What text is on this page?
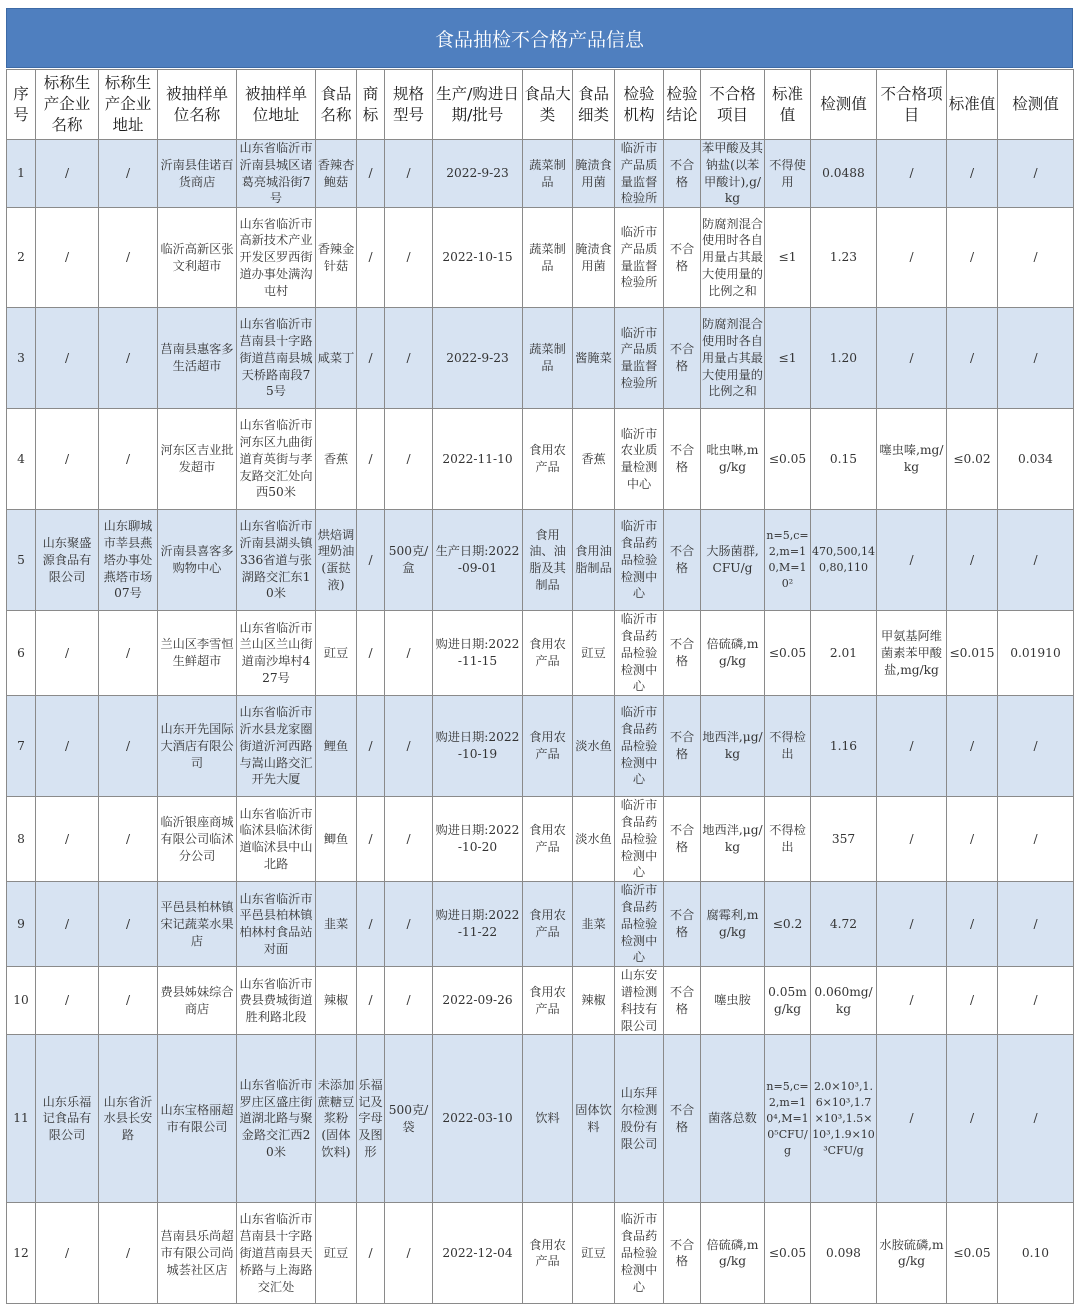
食品抽检不合格产品信息
序号	标称生产企业名称	标称生产企业地址	被抽样单位名称	被抽样单位地址	食品名称	商标	规格型号	生产/购进日期/批号	食品大类	食品细类	检验机构	检验结论	不合格项目	标准值	检测值	不合格项目	标准值	检测值
1	/	/	沂南县佳诺百货商店	山东省临沂市沂南县城区诸葛亮城沿街7号	香辣杏鲍菇	/	/	2022-9-23	蔬菜制品	腌渍食用菌	临沂市产品质量监督检验所	不合格	苯甲酸及其钠盐(以苯甲酸计),g/kg	不得使用	0.0488	/	/	/
2	/	/	临沂高新区张文利超市	山东省临沂市高新技术产业开发区罗西街道办事处满沟屯村	香辣金针菇	/	/	2022-10-15	蔬菜制品	腌渍食用菌	临沂市产品质量监督检验所	不合格	防腐剂混合使用时各自用量占其最大使用量的比例之和	≤1	1.23	/	/	/
3	/	/	莒南县惠客多生活超市	山东省临沂市莒南县十字路街道莒南县城天桥路南段75号	咸菜丁	/	/	2022-9-23	蔬菜制品	酱腌菜	临沂市产品质量监督检验所	不合格	防腐剂混合使用时各自用量占其最大使用量的比例之和	≤1	1.20	/	/	/
4	/	/	河东区吉业批发超市	山东省临沂市河东区九曲街道育英街与孝友路交汇处向西50米	香蕉	/	/	2022-11-10	食用农产品	香蕉	临沂市农业质量检测中心	不合格	吡虫啉,mg/kg	≤0.05	0.15	噻虫嗪,mg/kg	≤0.02	0.034
5	山东聚盛源食品有限公司	山东聊城市莘县燕塔办事处燕塔市场07号	沂南县喜客多购物中心	山东省临沂市沂南县湖头镇336省道与张湖路交汇东10米	烘焙调理奶油(蛋挞液)	/	500克/盒	生产日期:2022-09-01	食用油、油脂及其制品	食用油脂制品	临沂市食品药品检验检测中心	不合格	大肠菌群,CFU/g	n=5,c=2,m=10,M=10²	470,500,140,80,110	/	/	/
6	/	/	兰山区李雪恒生鲜超市	山东省临沂市兰山区兰山街道南沙埠村427号	豇豆	/	/	购进日期:2022-11-15	食用农产品	豇豆	临沂市食品药品检验检测中心	不合格	倍硫磷,mg/kg	≤0.05	2.01	甲氨基阿维菌素苯甲酸盐,mg/kg	≤0.015	0.01910
7	/	/	山东开先国际大酒店有限公司	山东省临沂市沂水县龙家圈街道沂河西路与嵩山路交汇开先大厦	鲤鱼	/	/	购进日期:2022-10-19	食用农产品	淡水鱼	临沂市食品药品检验检测中心	不合格	地西泮,μg/kg	不得检出	1.16	/	/	/
8	/	/	临沂银座商城有限公司临沭分公司	山东省临沂市临沭县临沭街道临沭县中山北路	鲫鱼	/	/	购进日期:2022-10-20	食用农产品	淡水鱼	临沂市食品药品检验检测中心	不合格	地西泮,μg/kg	不得检出	357	/	/	/
9	/	/	平邑县柏林镇宋记蔬菜水果店	山东省临沂市平邑县柏林镇柏林村食品站对面	韭菜	/	/	购进日期:2022-11-22	食用农产品	韭菜	临沂市食品药品检验检测中心	不合格	腐霉利,mg/kg	≤0.2	4.72	/	/	/
10	/	/	费县姊妹综合商店	山东省临沂市费县费城街道胜利路北段	辣椒	/	/	2022-09-26	食用农产品	辣椒	山东安谱检测科技有限公司	不合格	噻虫胺	0.05mg/kg	0.060mg/kg	/	/	/
11	山东乐福记食品有限公司	山东省沂水县长安路	山东宝格丽超市有限公司	山东省临沂市罗庄区盛庄街道湖北路与聚金路交汇西20米	未添加蔗糖豆浆粉(固体饮料)	乐福记及字母及图形	500克/袋	2022-03-10	饮料	固体饮料	山东拜尔检测股份有限公司	不合格	菌落总数	n=5,c=2,m=10⁴,M=10⁵CFU/g	2.0×10³,1.6×10³,1.7×10³,1.5×10³,1.9×10³CFU/g	/	/	/
12	/	/	莒南县乐尚超市有限公司尚城荟社区店	山东省临沂市莒南县十字路街道莒南县天桥路与上海路交汇处	豇豆	/	/	2022-12-04	食用农产品	豇豆	临沂市食品药品检验检测中心	不合格	倍硫磷,mg/kg	≤0.05	0.098	水胺硫磷,mg/kg	≤0.05	0.10
